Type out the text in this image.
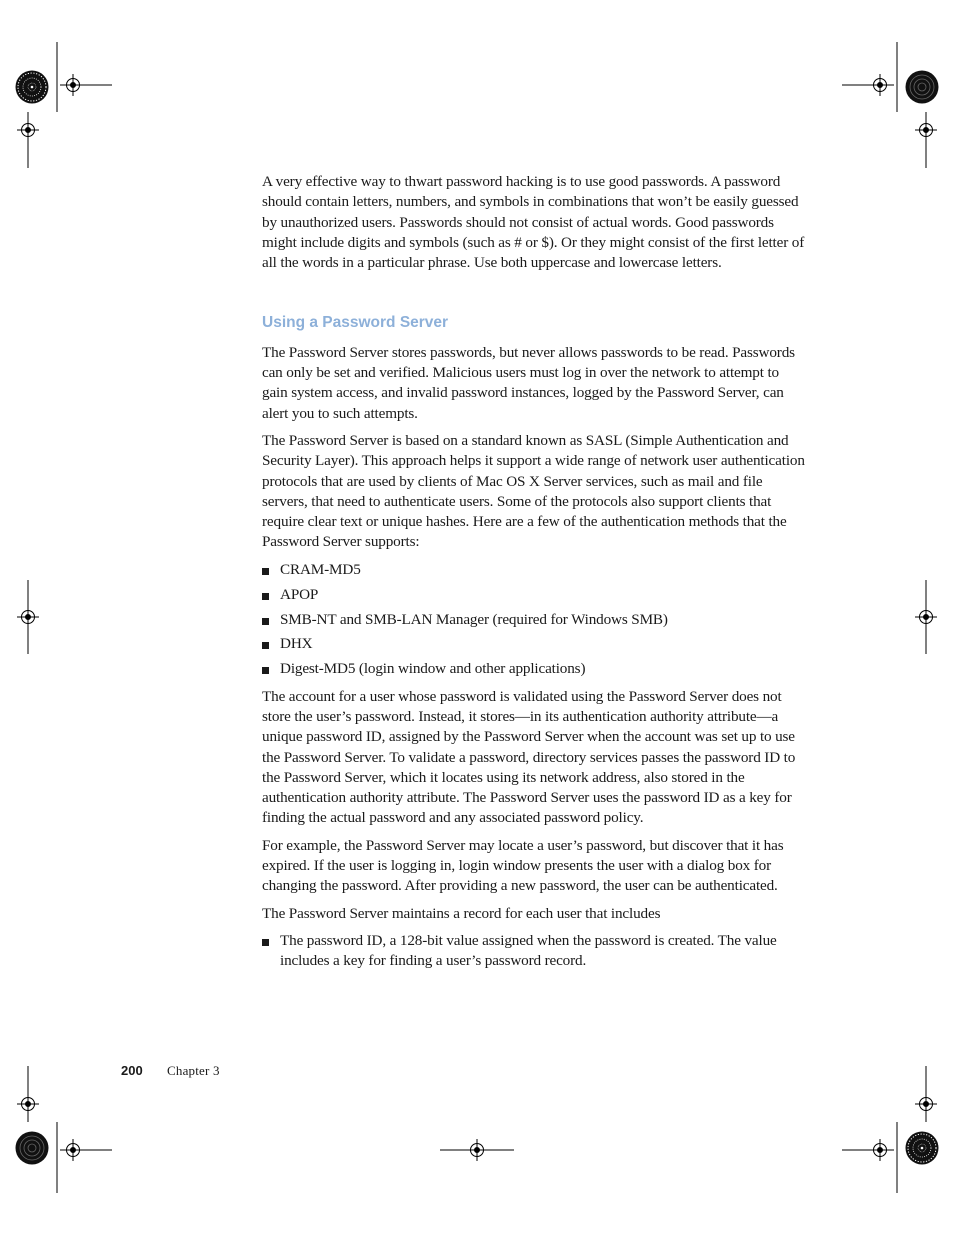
A very effective way to thwart password hacking is to use good passwords. A password should contain letters, numbers, and symbols in combinations that won’t be easily guessed by unauthorized users. Passwords should not consist of actual words. Good passwords might include digits and symbols (such as # or $). Or they might consist of the first letter of all the words in a particular phrase. Use both uppercase and lowercase letters.

Using a Password Server

The Password Server stores passwords, but never allows passwords to be read. Passwords can only be set and verified. Malicious users must log in over the network to attempt to gain system access, and invalid password instances, logged by the Password Server, can alert you to such attempts.

The Password Server is based on a standard known as SASL (Simple Authentication and Security Layer). This approach helps it support a wide range of network user authentication protocols that are used by clients of Mac OS X Server services, such as mail and file servers, that need to authenticate users. Some of the protocols also support clients that require clear text or unique hashes. Here are a few of the authentication methods that the Password Server supports:

CRAM-MD5
APOP
SMB-NT and SMB-LAN Manager (required for Windows SMB)
DHX
Digest-MD5 (login window and other applications)

The account for a user whose password is validated using the Password Server does not store the user’s password. Instead, it stores—in its authentication authority attribute—a unique password ID, assigned by the Password Server when the account was set up to use the Password Server. To validate a password, directory services passes the password ID to the Password Server, which it locates using its network address, also stored in the authentication authority attribute. The Password Server uses the password ID as a key for finding the actual password and any associated password policy.

For example, the Password Server may locate a user’s password, but discover that it has expired. If the user is logging in, login window presents the user with a dialog box for changing the password. After providing a new password, the user can be authenticated.

The Password Server maintains a record for each user that includes

The password ID, a 128-bit value assigned when the password is created. The value includes a key for finding a user’s password record.
200	Chapter 3
